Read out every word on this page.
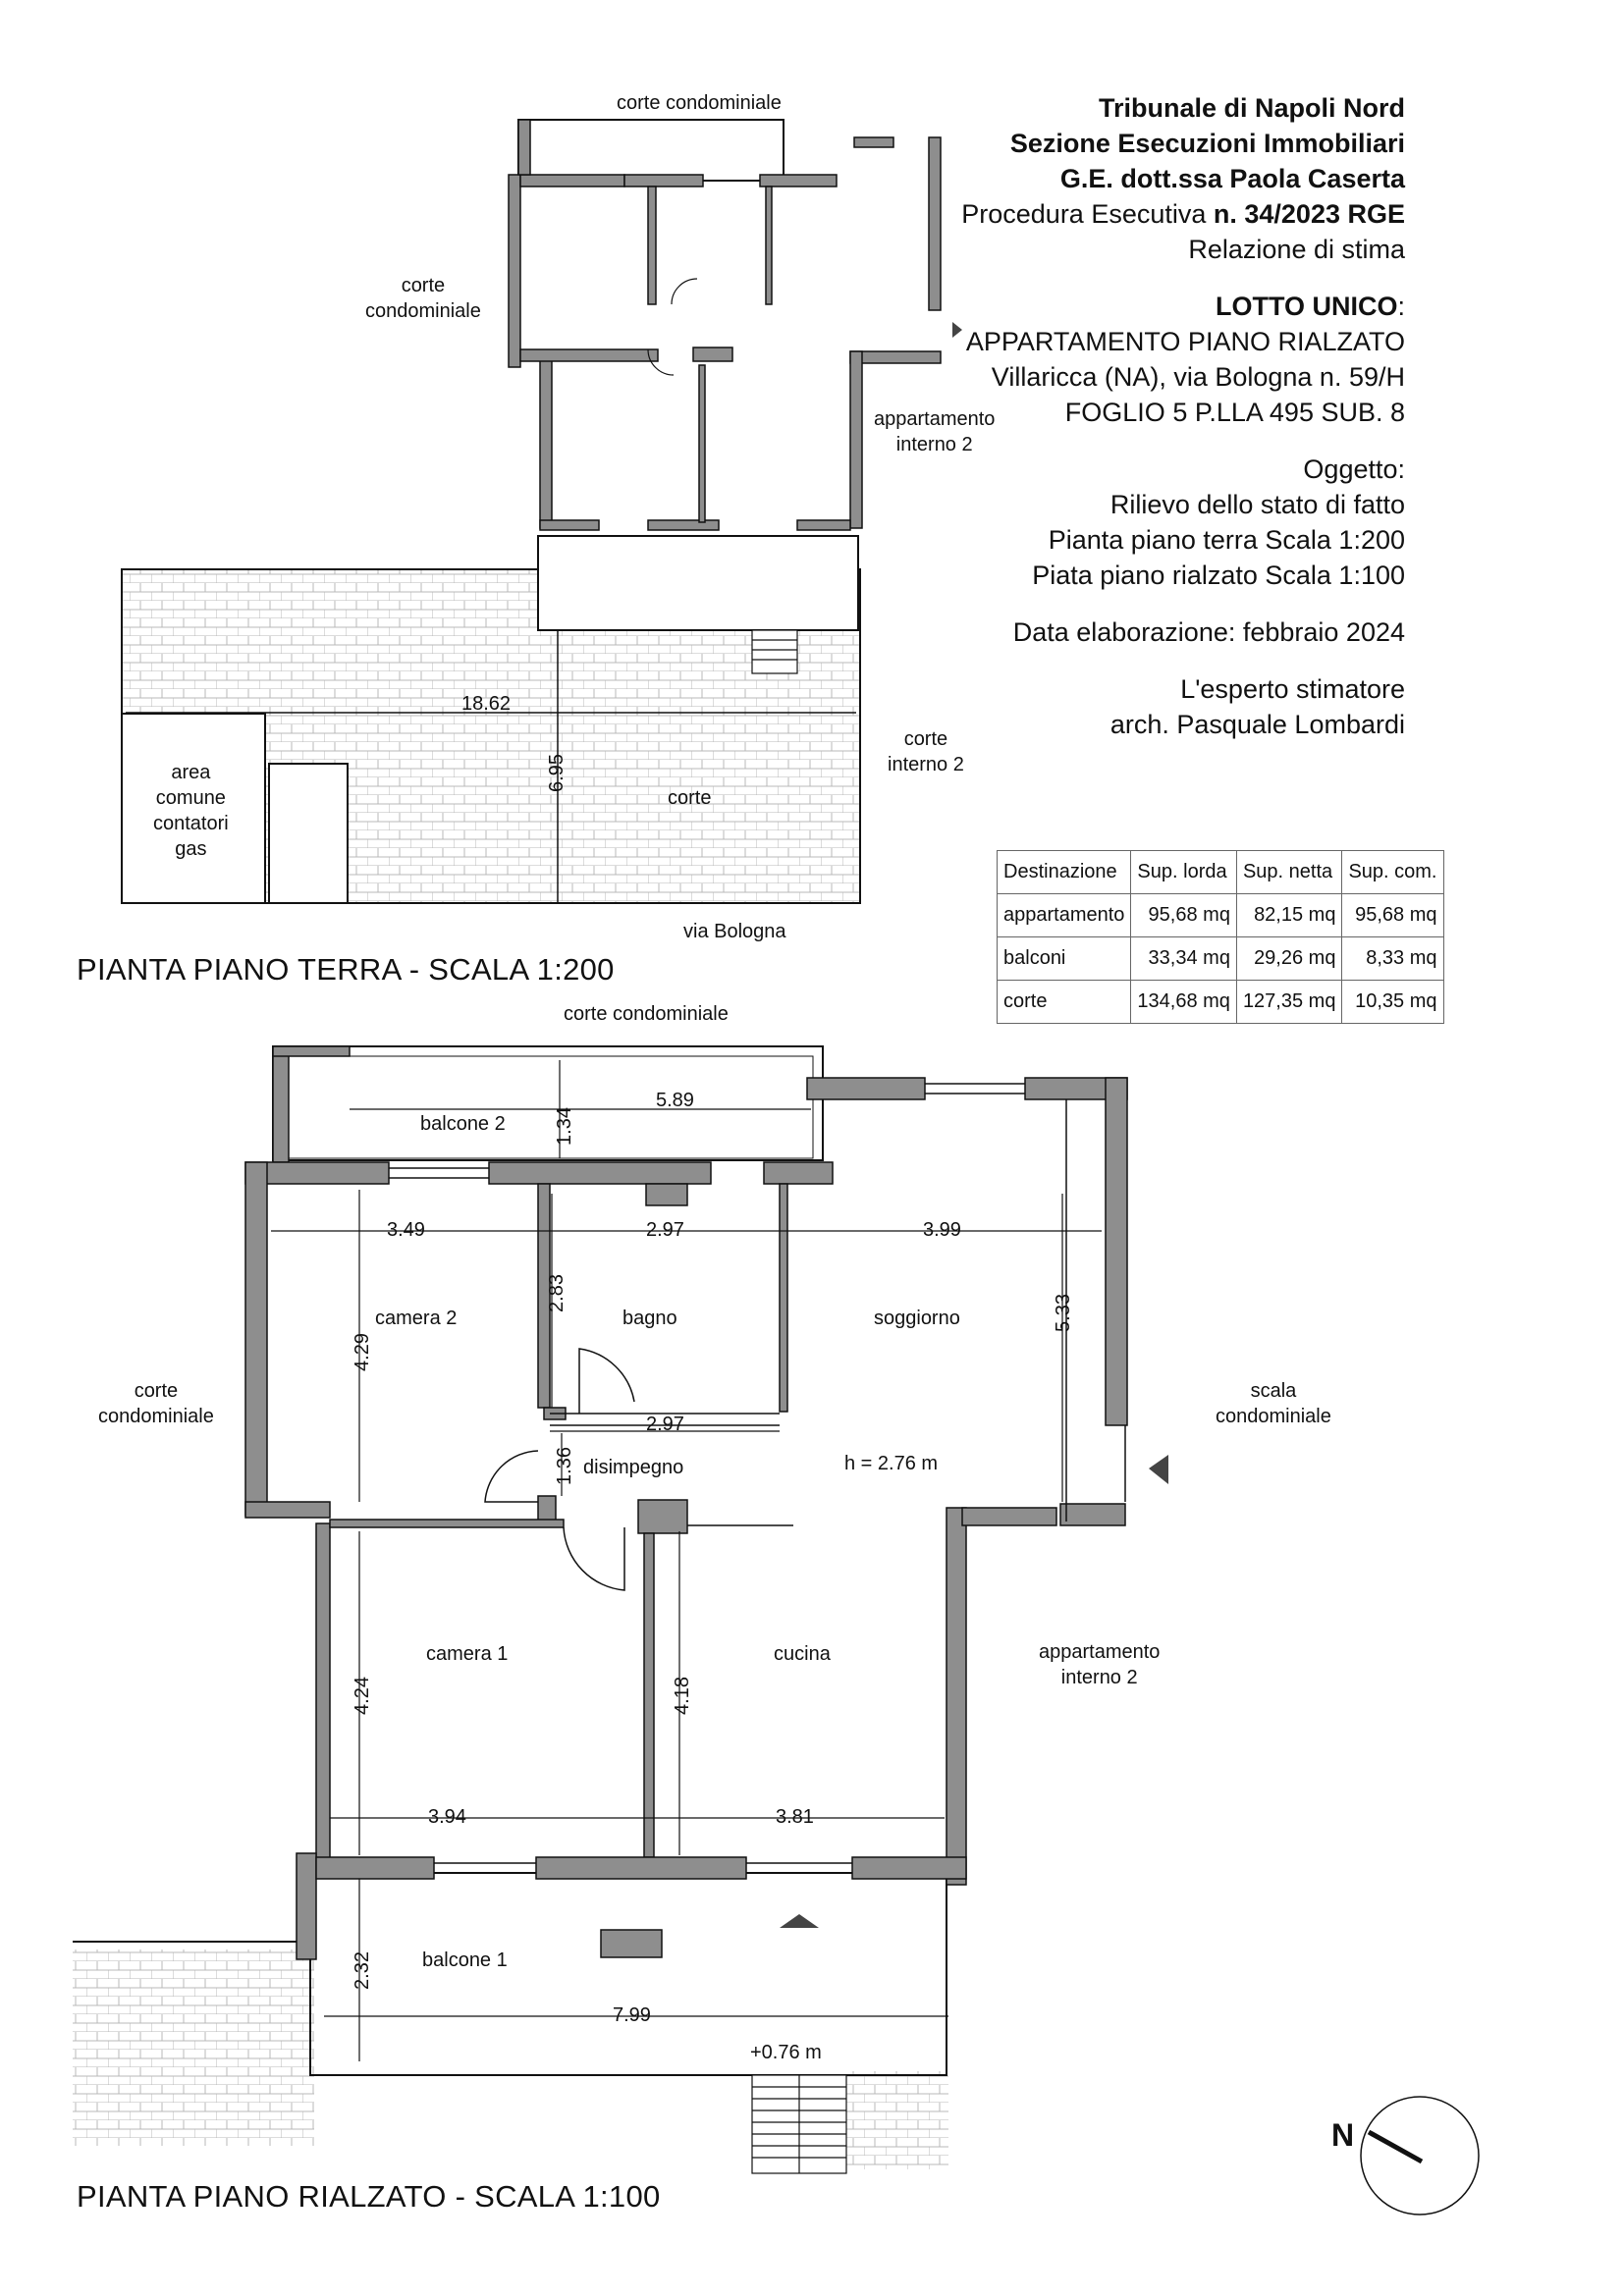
Tribunale di Napoli Nord
Sezione Esecuzioni Immobiliari
G.E. dott.ssa Paola Caserta
Procedura Esecutiva n. 34/2023 RGE
Relazione di stima
LOTTO UNICO:
APPARTAMENTO PIANO RIALZATO
Villaricca (NA), via Bologna n. 59/H
FOGLIO 5 P.LLA 495 SUB. 8
Oggetto:
Rilievo dello stato di fatto
Pianta piano terra Scala 1:200
Piata piano rialzato Scala 1:100
Data elaborazione: febbraio 2024
L'esperto stimatore
arch. Pasquale Lombardi
Destinazione	Sup. lorda	Sup. netta	Sup. com.
appartamento	95,68 mq	82,15 mq	95,68 mq
balconi	33,34 mq	29,26 mq	8,33 mq
corte	134,68 mq	127,35 mq	10,35 mq
corte condominiale
corte
condominiale
appartamento
interno 2
corte
interno 2
area
comune
contatori
gas
corte
via Bologna
18.62
6.95
PIANTA PIANO TERRA - SCALA 1:200
corte condominiale
corte
condominiale
scala
condominiale
appartamento
interno 2
balcone 2
camera 2	bagno	soggiorno
disimpegno	h = 2.76 m
camera 1	cucina
balcone 1
+0.76 m
5.89
1.34
3.49	2.97	3.99
4.29
2.83
5.33
2.97
1.36
4.24	4.18
3.94	3.81
2.32
7.99
PIANTA PIANO RIALZATO - SCALA 1:100
N
